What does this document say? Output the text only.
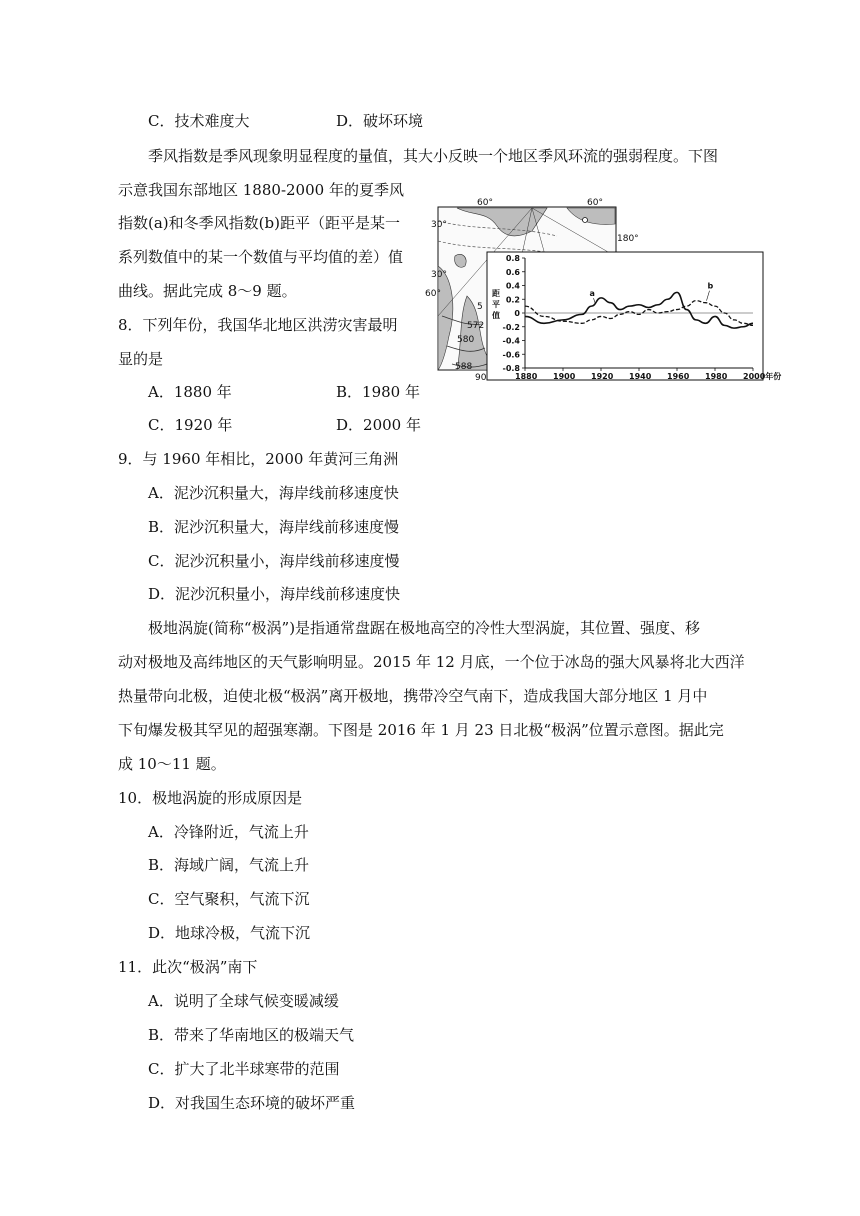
C．技术难度大	D．破坏环境
季风指数是季风现象明显程度的量值，其大小反映一个地区季风环流的强弱程度。下图
示意我国东部地区 1880-2000 年的夏季风
指数(a)和冬季风指数(b)距平（距平是某一
系列数值中的某一个数值与平均值的差）值
曲线。据此完成 8～9 题。
8．下列年份，我国华北地区洪涝灾害最明
显的是
A．1880 年	B．1980 年
C．1920 年	D．2000 年
9．与 1960 年相比，2000 年黄河三角洲
A．泥沙沉积量大，海岸线前移速度快
B．泥沙沉积量大，海岸线前移速度慢
C．泥沙沉积量小，海岸线前移速度慢
D．泥沙沉积量小，海岸线前移速度快
极地涡旋(简称“极涡”)是指通常盘踞在极地高空的冷性大型涡旋，其位置、强度、移
动对极地及高纬地区的天气影响明显。2015 年 12 月底，一个位于冰岛的强大风暴将北大西洋
热量带向北极，迫使北极“极涡”离开极地，携带冷空气南下，造成我国大部分地区 1 月中
下旬爆发极其罕见的超强寒潮。下图是 2016 年 1 月 23 日北极“极涡”位置示意图。据此完
成 10～11 题。
10．极地涡旋的形成原因是
A．冷锋附近，气流上升
B．海域广阔，气流上升
C．空气聚积，气流下沉
D．地球冷极，气流下沉
11．此次“极涡”南下
A．说明了全球气候变暖减缓
B．带来了华南地区的极端天气
C．扩大了北半球寒带的范围
D．对我国生态环境的破坏严重
60°	60°
30°
180°
30°
60°
5
572
580
588
90
距 平 值
0.8
0.6
0.4
0.2
0
-0.2
-0.4
-0.6
-0.8
1880 1900 1920 1940 1960 1980 2000年份
a
b
